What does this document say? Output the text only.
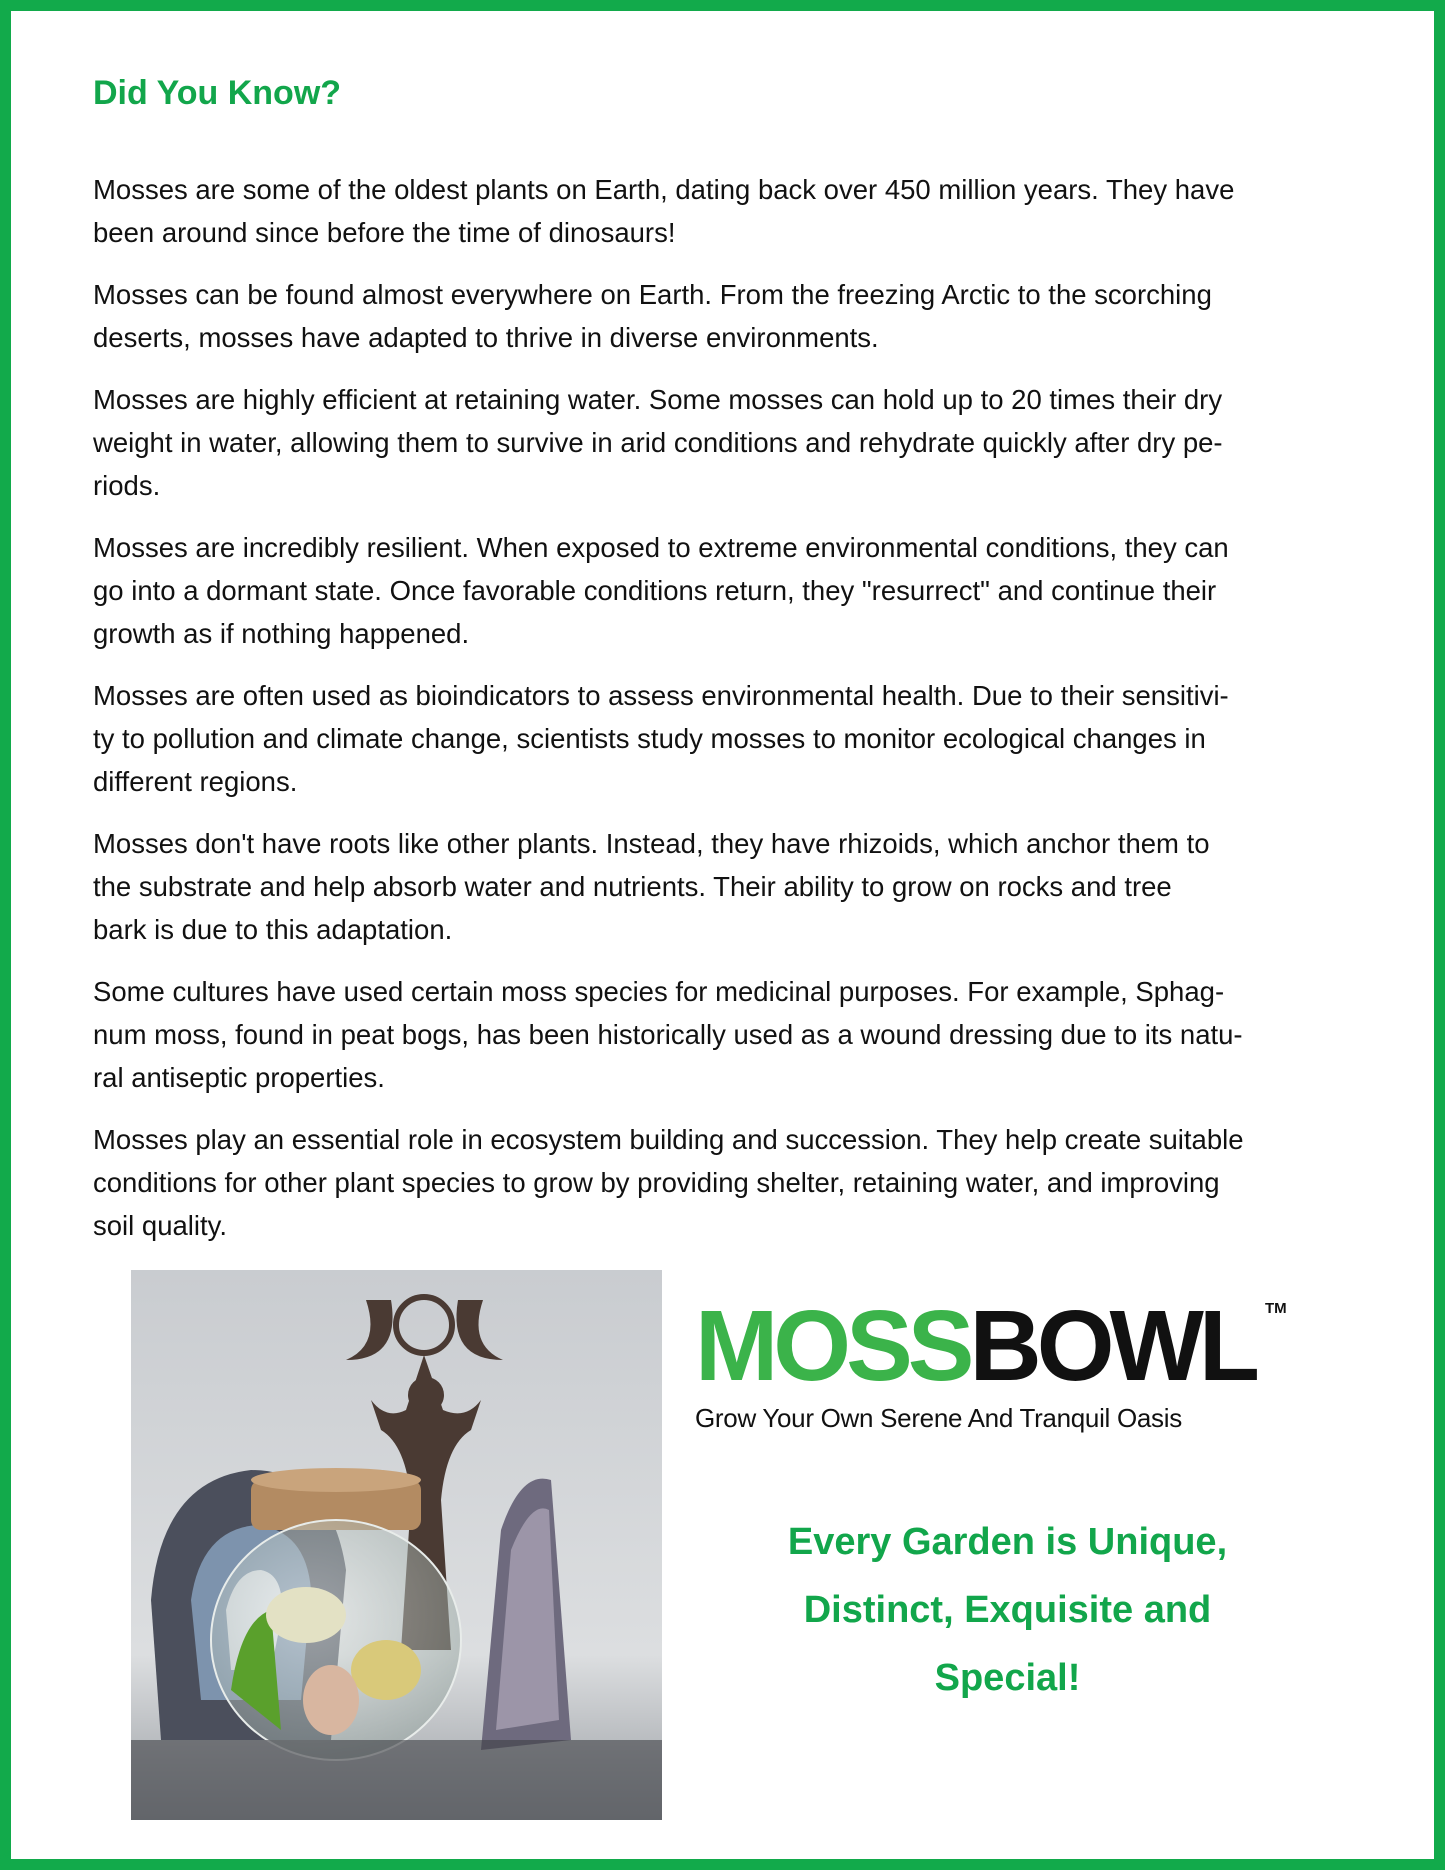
Did You Know?

Mosses are some of the oldest plants on Earth, dating back over 450 million years. They have
been around since before the time of dinosaurs!

Mosses can be found almost everywhere on Earth. From the freezing Arctic to the scorching
deserts, mosses have adapted to thrive in diverse environments.

Mosses are highly efficient at retaining water. Some mosses can hold up to 20 times their dry
weight in water, allowing them to survive in arid conditions and rehydrate quickly after dry pe-
riods.

Mosses are incredibly resilient. When exposed to extreme environmental conditions, they can
go into a dormant state. Once favorable conditions return, they "resurrect" and continue their
growth as if nothing happened.

Mosses are often used as bioindicators to assess environmental health. Due to their sensitivi-
ty to pollution and climate change, scientists study mosses to monitor ecological changes in
different regions.

Mosses don't have roots like other plants. Instead, they have rhizoids, which anchor them to
the substrate and help absorb water and nutrients. Their ability to grow on rocks and tree
bark is due to this adaptation.

Some cultures have used certain moss species for medicinal purposes. For example, Sphag-
num moss, found in peat bogs, has been historically used as a wound dressing due to its natu-
ral antiseptic properties.

Mosses play an essential role in ecosystem building and succession. They help create suitable
conditions for other plant species to grow by providing shelter, retaining water, and improving
soil quality.

MOSSBOWL TM
Grow Your Own Serene And Tranquil Oasis
Every Garden is Unique,
Distinct, Exquisite and
Special!
